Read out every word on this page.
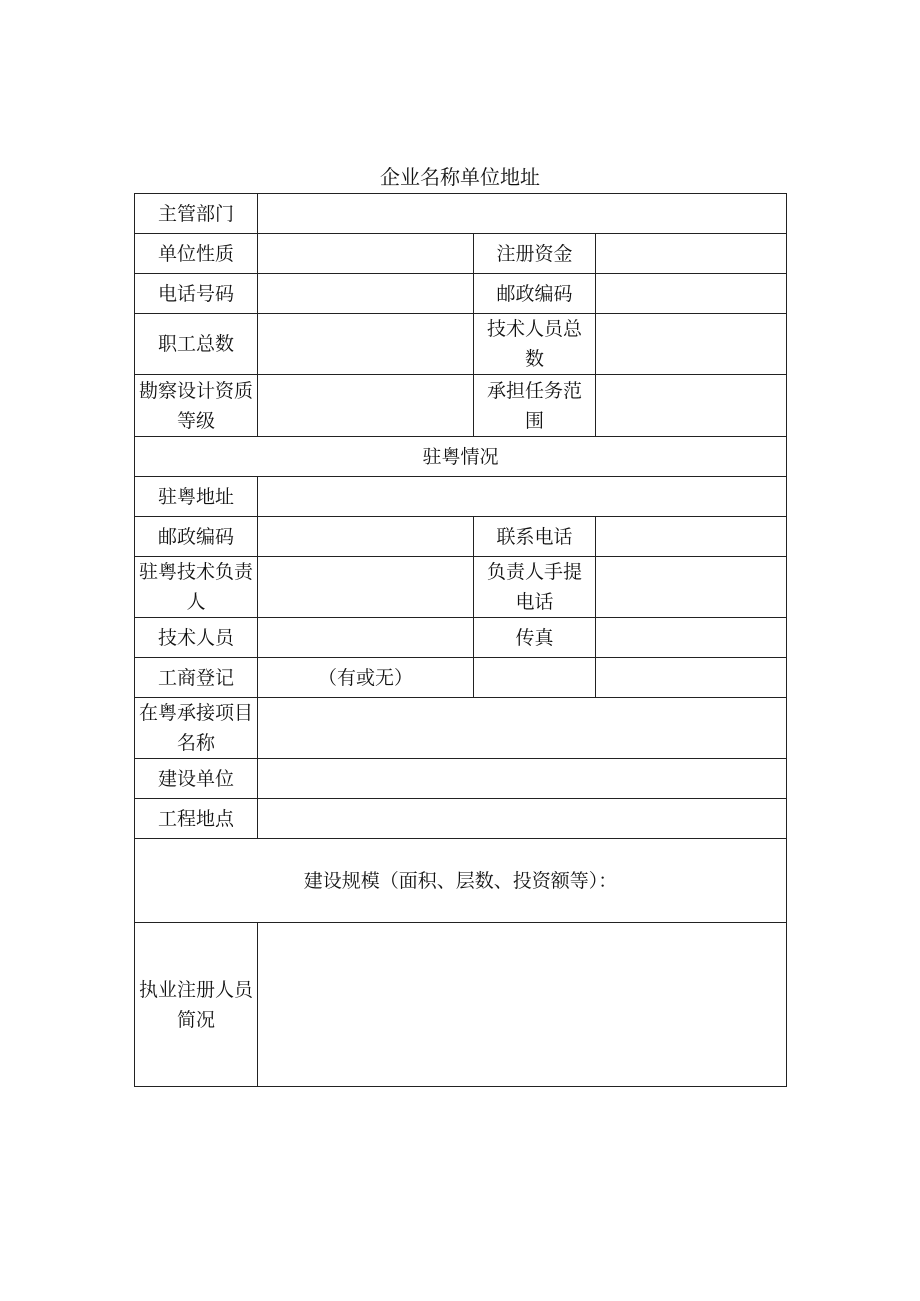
企业名称单位地址
主管部门			
单位性质		注册资金	
电话号码		邮政编码	
职工总数		技术人员总数	
勘察设计资质等级		承担任务范围	
驻粤情况			
驻粤地址			
邮政编码		联系电话	
驻粤技术负责人		负责人手提电话	
技术人员		传真	
工商登记	（有或无）		
在粤承接项目名称			
建设单位			
工程地点			
建设规模（面积、层数、投资额等）：			
执业注册人员简况			
